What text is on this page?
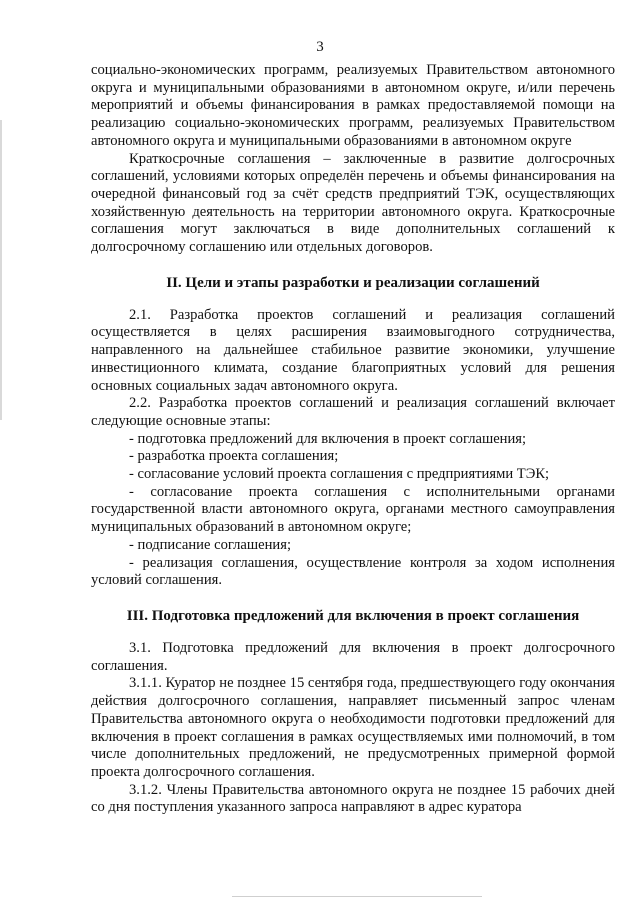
3

социально-экономических программ, реализуемых Правительством автономного округа и муниципальными образованиями в автономном округе, и/или перечень мероприятий и объемы финансирования в рамках предоставляемой помощи на реализацию социально-экономических программ, реализуемых Правительством автономного округа и муниципальными образованиями в автономном округе

Краткосрочные соглашения – заключенные в развитие долгосрочных соглашений, условиями которых определён перечень и объемы финансирования на очередной финансовый год за счёт средств предприятий ТЭК, осуществляющих хозяйственную деятельность на территории автономного округа. Краткосрочные соглашения могут заключаться в виде дополнительных соглашений к долгосрочному соглашению или отдельных договоров.

II. Цели и этапы разработки и реализации соглашений

2.1. Разработка проектов соглашений и реализация соглашений осуществляется в целях расширения взаимовыгодного сотрудничества, направленного на дальнейшее стабильное развитие экономики, улучшение инвестиционного климата, создание благоприятных условий для решения основных социальных задач автономного округа.

2.2. Разработка проектов соглашений и реализация соглашений включает следующие основные этапы:

- подготовка предложений для включения в проект соглашения;

- разработка проекта соглашения;

- согласование условий проекта соглашения с предприятиями ТЭК;

- согласование проекта соглашения с исполнительными органами государственной власти автономного округа, органами местного самоуправления муниципальных образований в автономном округе;

- подписание соглашения;

- реализация соглашения, осуществление контроля за ходом исполнения условий соглашения.

III. Подготовка предложений для включения в проект соглашения

3.1. Подготовка предложений для включения в проект долгосрочного соглашения.

3.1.1. Куратор не позднее 15 сентября года, предшествующего году окончания действия долгосрочного соглашения, направляет письменный запрос членам Правительства автономного округа о необходимости подготовки предложений для включения в проект соглашения в рамках осуществляемых ими полномочий, в том числе дополнительных предложений, не предусмотренных примерной формой проекта долгосрочного соглашения.

3.1.2. Члены Правительства автономного округа не позднее 15 рабочих дней со дня поступления указанного запроса направляют в адрес куратора
